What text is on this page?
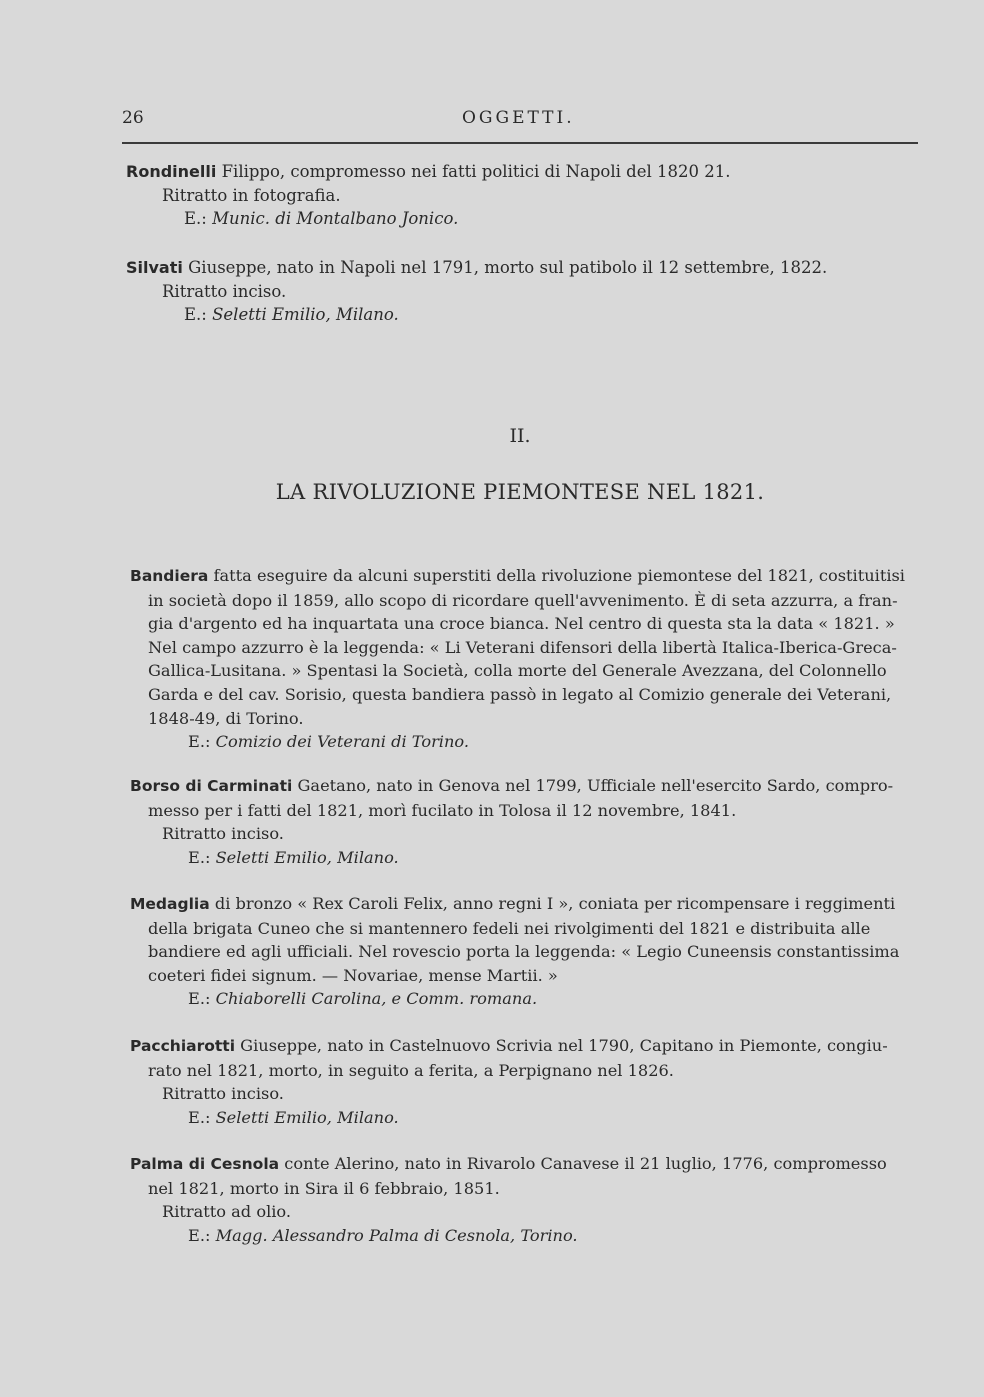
26	OGGETTI.
Rondinelli Filippo, compromesso nei fatti politici di Napoli del 1820 21.
Ritratto in fotografia.
E.: Munic. di Montalbano Jonico.
Silvati Giuseppe, nato in Napoli nel 1791, morto sul patibolo il 12 settembre, 1822.
Ritratto inciso.
E.: Seletti Emilio, Milano.
II.
LA RIVOLUZIONE PIEMONTESE NEL 1821.
Bandiera fatta eseguire da alcuni superstiti della rivoluzione piemontese del 1821, costituitisi
in società dopo il 1859, allo scopo di ricordare quell'avvenimento. È di seta azzurra, a fran-
gia d'argento ed ha inquartata una croce bianca. Nel centro di questa sta la data « 1821. »
Nel campo azzurro è la leggenda: « Li Veterani difensori della libertà Italica-Iberica-Greca-
Gallica-Lusitana. » Spentasi la Società, colla morte del Generale Avezzana, del Colonnello
Garda e del cav. Sorisio, questa bandiera passò in legato al Comizio generale dei Veterani,
1848-49, di Torino.
E.: Comizio dei Veterani di Torino.
Borso di Carminati Gaetano, nato in Genova nel 1799, Ufficiale nell'esercito Sardo, compro-
messo per i fatti del 1821, morì fucilato in Tolosa il 12 novembre, 1841.
Ritratto inciso.
E.: Seletti Emilio, Milano.
Medaglia di bronzo « Rex Caroli Felix, anno regni I », coniata per ricompensare i reggimenti
della brigata Cuneo che si mantennero fedeli nei rivolgimenti del 1821 e distribuita alle
bandiere ed agli ufficiali. Nel rovescio porta la leggenda: « Legio Cuneensis constantissima
coeteri fidei signum. — Novariae, mense Martii. »
E.: Chiaborelli Carolina, e Comm. romana.
Pacchiarotti Giuseppe, nato in Castelnuovo Scrivia nel 1790, Capitano in Piemonte, congiu-
rato nel 1821, morto, in seguito a ferita, a Perpignano nel 1826.
Ritratto inciso.
E.: Seletti Emilio, Milano.
Palma di Cesnola conte Alerino, nato in Rivarolo Canavese il 21 luglio, 1776, compromesso
nel 1821, morto in Sira il 6 febbraio, 1851.
Ritratto ad olio.
E.: Magg. Alessandro Palma di Cesnola, Torino.
